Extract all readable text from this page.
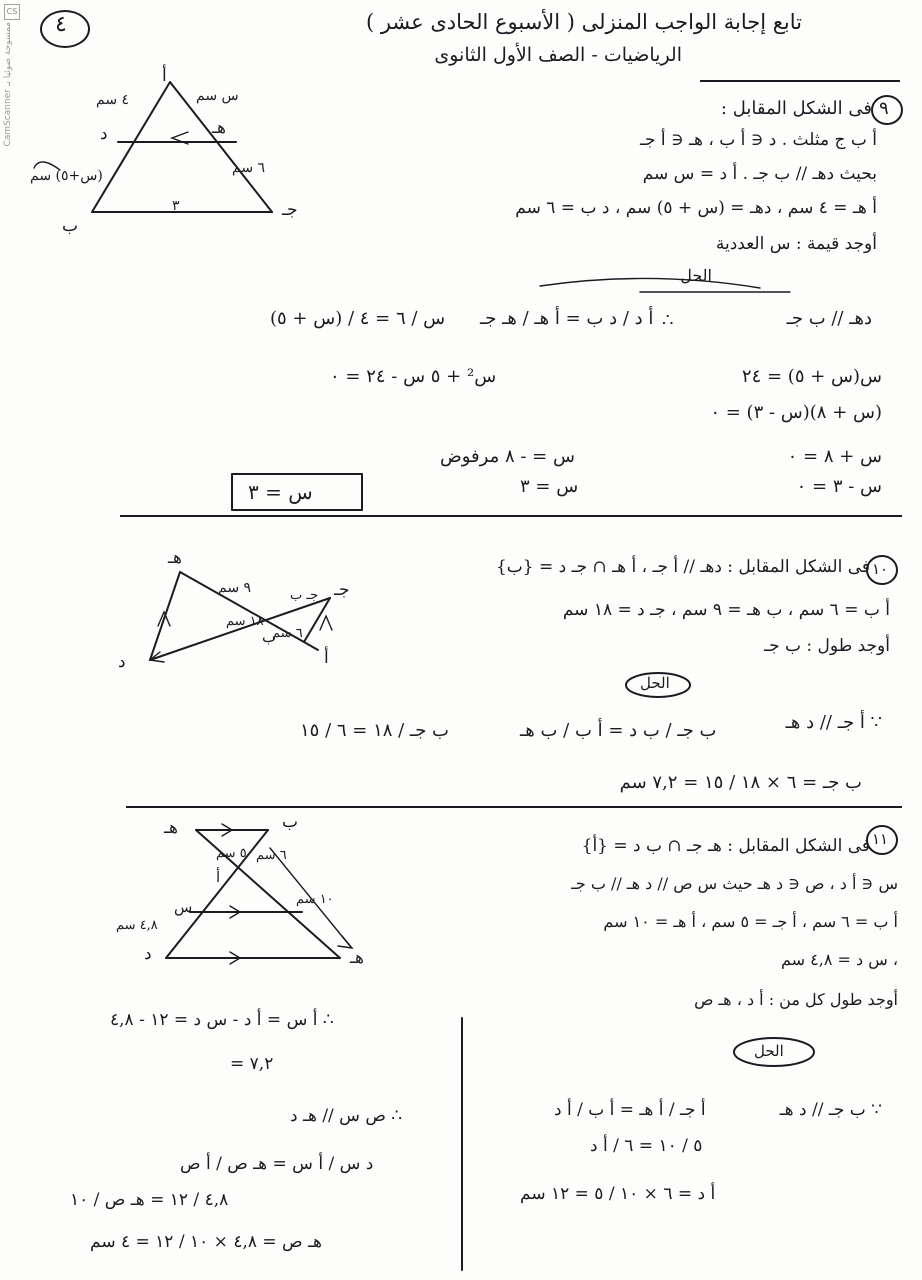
CS
CamScanner ممسوحة ضوئيا بـ ٤	تابع إجابة الواجب المنزلى ( الأسبوع الحادى عشر )
الرياضيات - الصف الأول الثانوى
أ
د
ب
جـ
هـ
٤ سم	س سم
٦ سم
(س+٥) سم
٣
٩
فى الشكل المقابل :
أ ب ج مثلث . د ∈ أ ب ، هـ ∈ أ جـ
بحيث دهـ // ب جـ . أ د = س سم
أ هـ = ٤ سم ، دهـ = (س + ٥) سم ، د ب = ٦ سم
أوجد قيمة : س العددية
الحل
دهـ // ب جـ
∴
أ د / د ب = أ هـ / هـ جـ
س / ٦ = ٤ / (س + ٥)
س(س + ٥) = ٢٤
س² + ٥ س - ٢٤ = ٠
(س + ٨)(س - ٣) = ٠
س + ٨ = ٠
س = - ٨ مرفوض
س - ٣ = ٠
س = ٣
س = ٣
هـ
د	أ
جـ
ب
٩ سم
٦ سم
١٨ سم
جـ ب
١٠
فى الشكل المقابل : دهـ // أ جـ ، أ هـ ∩ جـ د = {ب}
أ ب = ٦ سم ، ب هـ = ٩ سم ، جـ د = ١٨ سم
أوجد طول : ب جـ
الحل
∵ أ جـ // د هـ
ب جـ / ب د = أ ب / ب هـ
ب جـ / ١٨ = ٦ / ١٥
ب جـ = ٦ × ١٨ / ١٥ = ٧,٢ سم
هـ	ب
أ
د	هـ
س
٥ سم ٦ سم
١٠ سم
٤,٨ سم
١١
فى الشكل المقابل : هـ جـ ∩ ب د = {أ}
س ∈ أ د ، ص ∈ د هـ حيث س ص // د هـ // ب جـ
أ ب = ٦ سم ، أ جـ = ٥ سم ، أ هـ = ١٠ سم
، س د = ٤,٨ سم
أوجد طول كل من : أ د ، هـ ص
الحل
∵ ب جـ // د هـ
أ جـ / أ هـ = أ ب / أ د
٥ / ١٠ = ٦ / أ د
أ د = ٦ × ١٠ / ٥ = ١٢ سم
∴ أ س = أ د - س د = ١٢ - ٤,٨
= ٧,٢
∴ ص س // هـ د
د س / أ س = هـ ص / أ ص
٤,٨ / ١٢ = هـ ص / ١٠
هـ ص = ٤,٨ × ١٠ / ١٢ = ٤ سم
